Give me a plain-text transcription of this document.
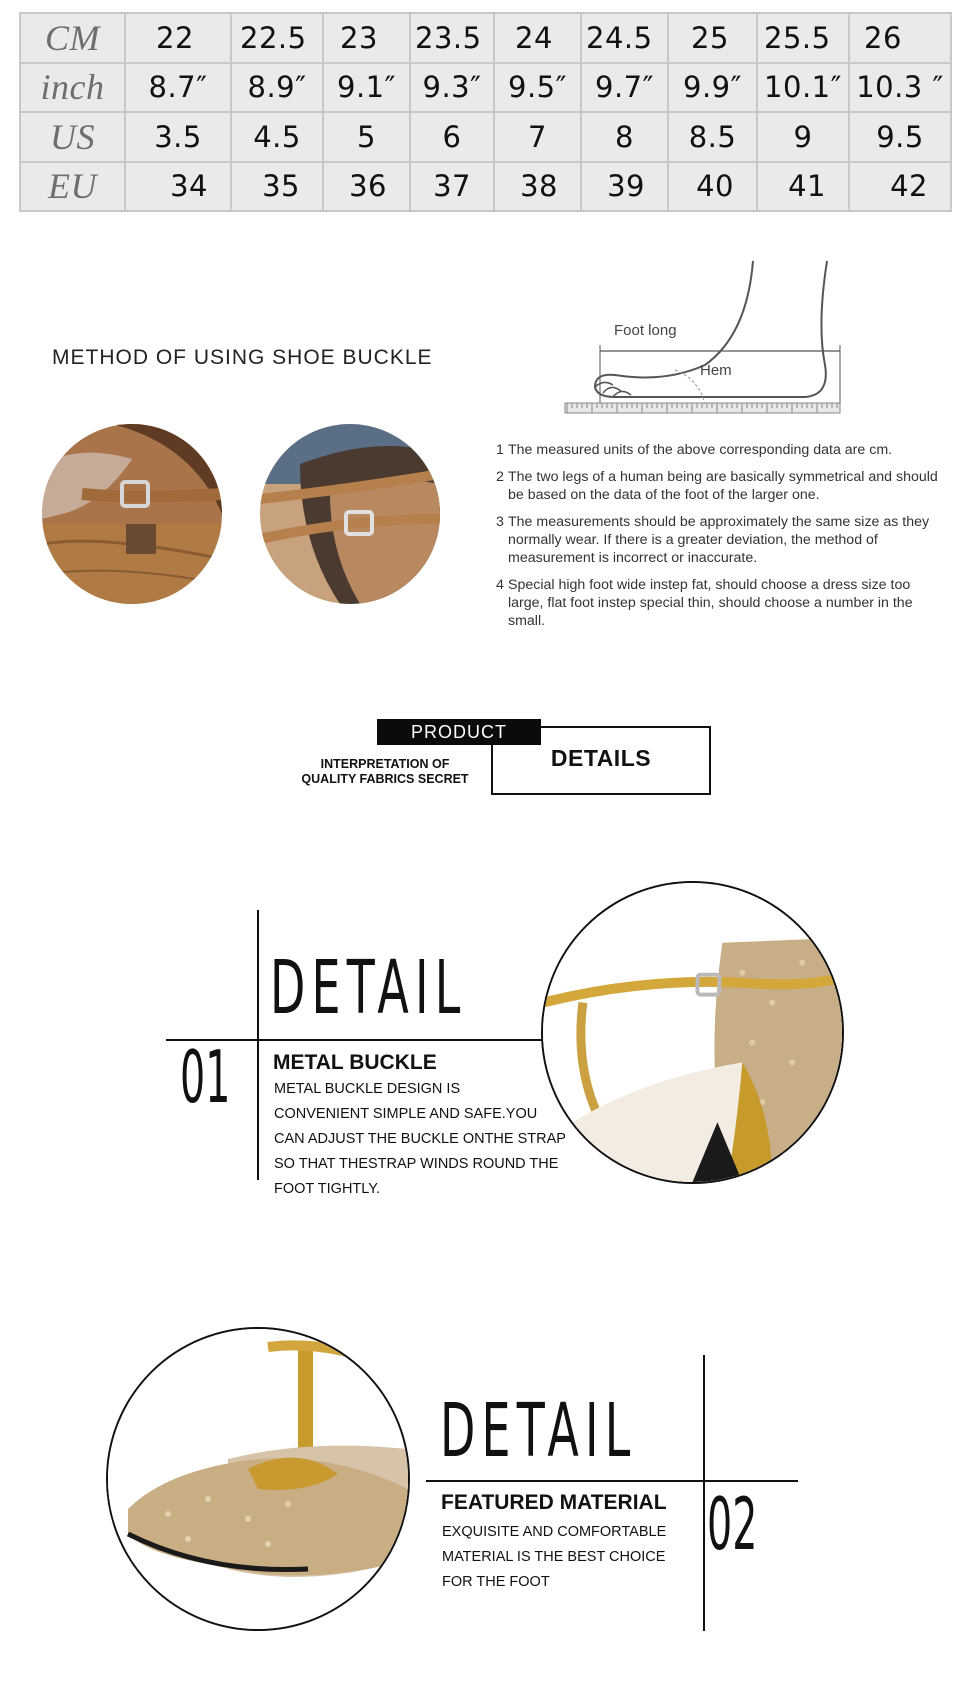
CM	22	22.5	23	23.5	24	24.5	25	25.5	26
inch	8.7″	8.9″	9.1″	9.3″	9.5″	9.7″	9.9″	10.1″	10.3 ″
US	3.5	4.5	5	6	7	8	8.5	9	9.5
EU	34	35	36	37	38	39	40	41	42
METHOD OF USING SHOE BUCKLE
Foot long
Hem
1 The measured units of the above corresponding data are cm.
2 The two legs of a human being are basically symmetrical and should be based on the data of the foot of the larger one.
3 The measurements should be approximately the same size as they normally wear. If there is a greater deviation, the method of measurement is incorrect or inaccurate.
4 Special high foot wide instep fat, should choose a dress size too large, flat foot instep special thin, should choose a number in the small.
PRODUCT
DETAILS
INTERPRETATION OF
QUALITY FABRICS SECRET
DETAIL
01 METAL BUCKLE
METAL BUCKLE DESIGN IS
CONVENIENT SIMPLE AND SAFE.YOU
CAN ADJUST THE BUCKLE ONTHE STRAP
SO THAT THESTRAP WINDS ROUND THE
FOOT TIGHTLY.
DETAIL
02
FEATURED MATERIAL
EXQUISITE AND COMFORTABLE
MATERIAL IS THE BEST CHOICE
FOR THE FOOT
